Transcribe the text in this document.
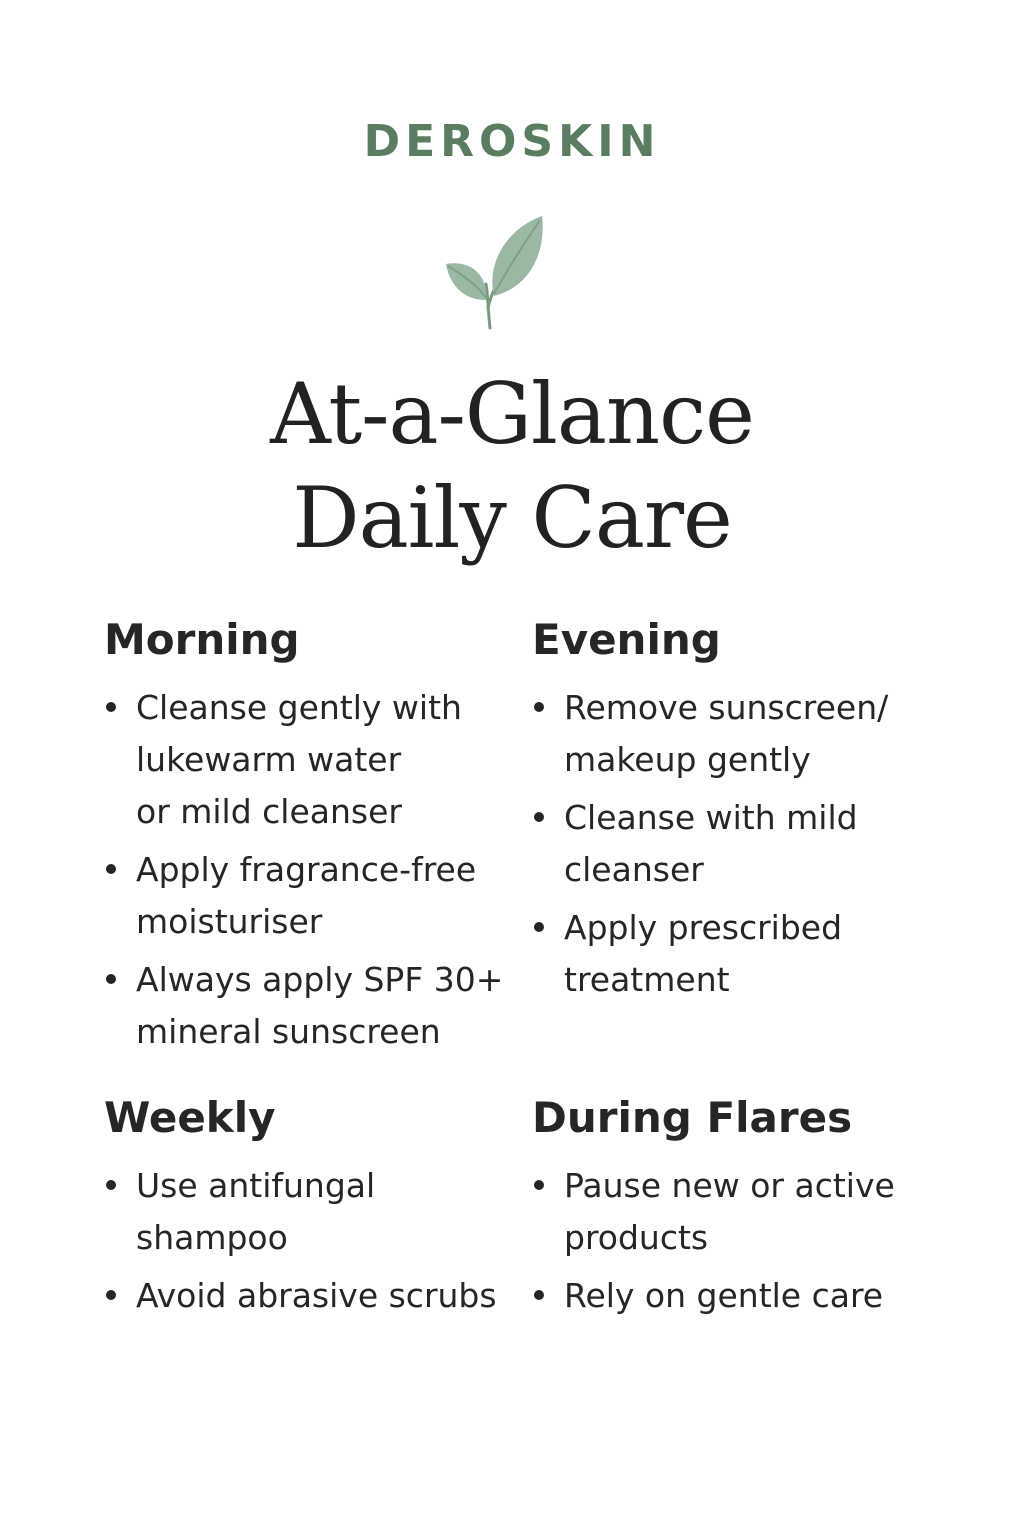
DEROSKIN
At-a-Glance
Daily Care
Morning
Cleanse gently with
lukewarm water
or mild cleanser
Apply fragrance-free
moisturiser
Always apply SPF 30+
mineral sunscreen
Evening
Remove sunscreen/
makeup gently
Cleanse with mild
cleanser
Apply prescribed
treatment
Weekly
Use antifungal
shampoo
Avoid abrasive scrubs
During Flares
Pause new or active
products
Rely on gentle care
